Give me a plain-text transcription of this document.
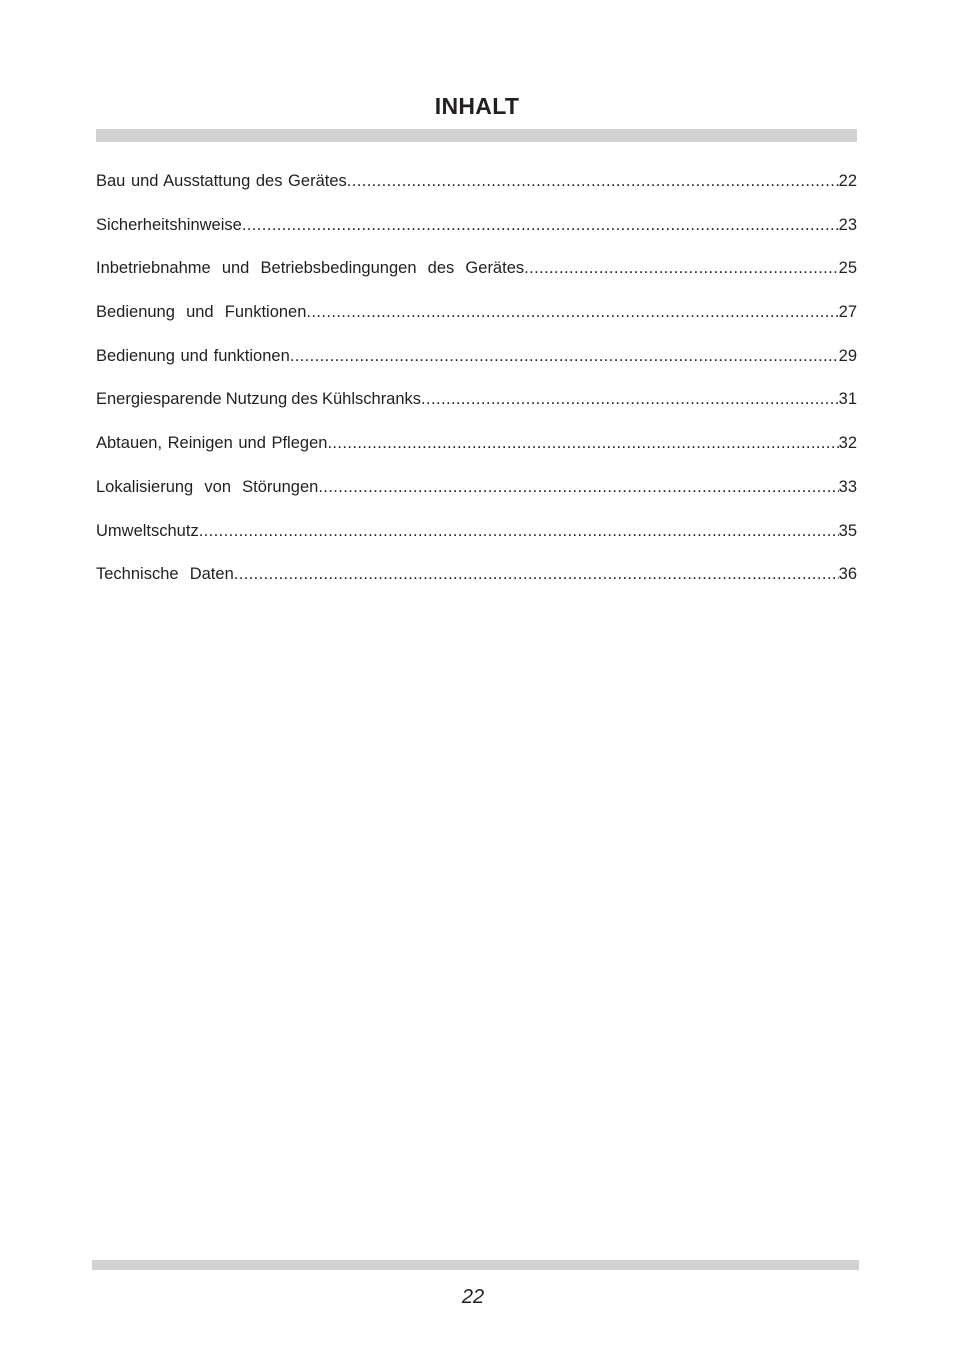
INHALT
Bau und Ausstattung des Gerätes .....	22
Sicherheitshinweise .....	23
Inbetriebnahme  und  Betriebsbedingungen  des  Gerätes .....	25
Bedienung  und  Funktionen .....	27
Bedienung und funktionen .....	29
Energiesparende Nutzung des Kühlschranks .....	31
Abtauen, Reinigen und Pflegen .....	32
Lokalisierung  von  Störungen .....	33
Umweltschutz .....	35
Technische  Daten .....	36

22
